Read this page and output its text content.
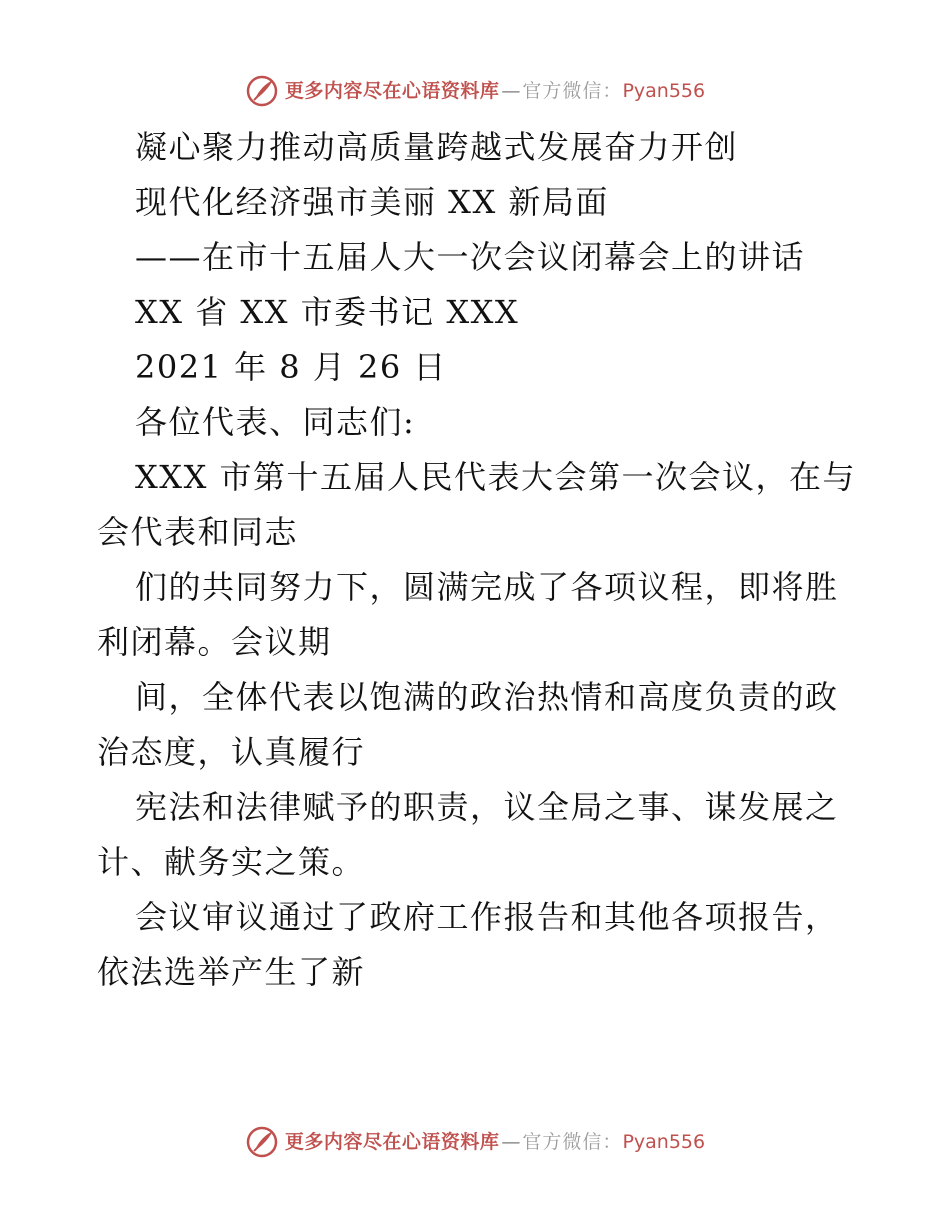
更多内容尽在心语资料库 — 官方微信： Pyan556
凝心聚力推动高质量跨越式发展奋力开创
现代化经济强市美丽 XX 新局面
——在市十五届人大一次会议闭幕会上的讲话
XX 省 XX 市委书记 XXX
2021 年 8 月 26 日
各位代表、同志们:
XXX 市第十五届人民代表大会第一次会议，在与
会代表和同志
们的共同努力下，圆满完成了各项议程，即将胜
利闭幕。会议期
间，全体代表以饱满的政治热情和高度负责的政
治态度，认真履行
宪法和法律赋予的职责，议全局之事、谋发展之
计、献务实之策。
会议审议通过了政府工作报告和其他各项报告，
依法选举产生了新
更多内容尽在心语资料库 — 官方微信： Pyan556
